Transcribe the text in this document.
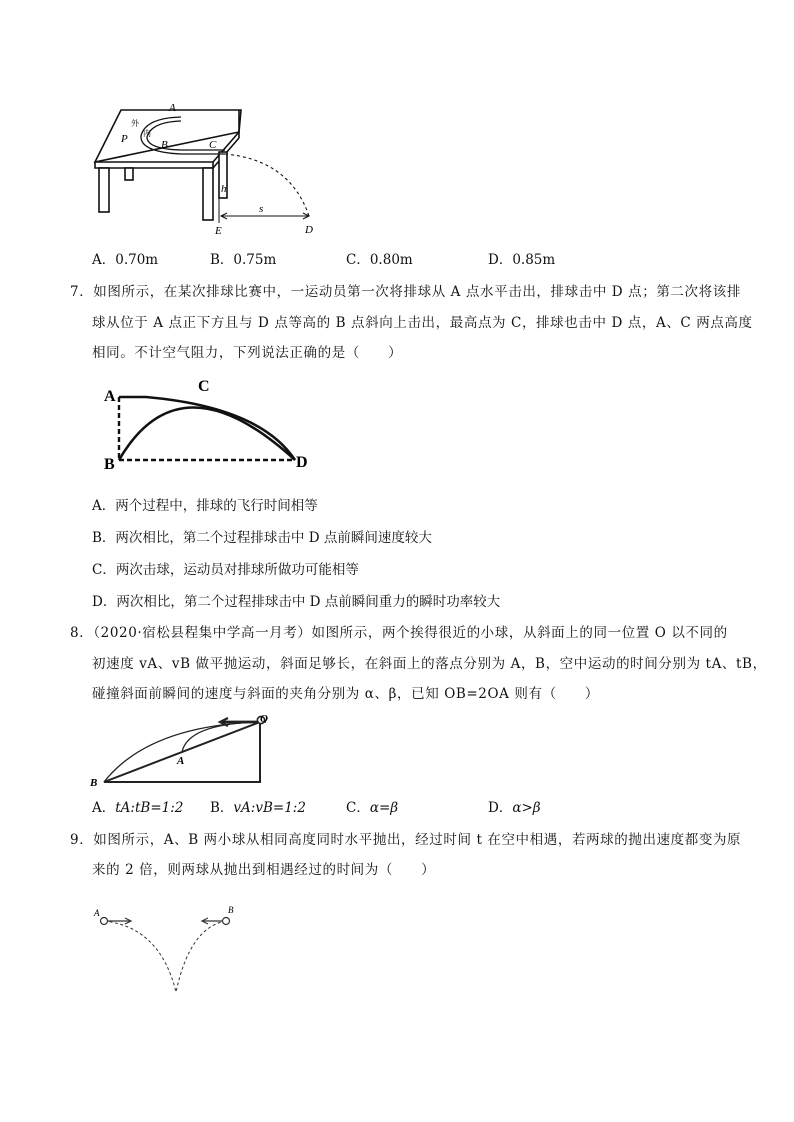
A
P	B	C
h
s
E	D
外
内
A．0.70m	B．0.75m	C．0.80m	D．0.85m
7．如图所示，在某次排球比赛中，一运动员第一次将排球从 A 点水平击出，排球击中 D 点；第二次将该排
球从位于 A 点正下方且与 D 点等高的 B 点斜向上击出，最高点为 C，排球也击中 D 点，A、C 两点高度
相同。不计空气阻力，下列说法正确的是（　　）
A
B
C
D
A．两个过程中，排球的飞行时间相等
B．两次相比，第二个过程排球击中 D 点前瞬间速度较大
C．两次击球，运动员对排球所做功可能相等
D．两次相比，第二个过程排球击中 D 点前瞬间重力的瞬时功率较大
8．（2020·宿松县程集中学高一月考）如图所示，两个挨得很近的小球，从斜面上的同一位置 O 以不同的
初速度 vA、vB 做平抛运动，斜面足够长，在斜面上的落点分别为 A，B，空中运动的时间分别为 tA、tB，
碰撞斜面前瞬间的速度与斜面的夹角分别为 α、β，已知 OB=2OA 则有（　　）
O
A
B
A．tA:tB=1:2 B．vA:vB=1:2	C．α=β	D．α>β
9．如图所示，A、B 两小球从相同高度同时水平抛出，经过时间 t 在空中相遇，若两球的抛出速度都变为原
来的 2 倍，则两球从抛出到相遇经过的时间为（　　）
A	B
